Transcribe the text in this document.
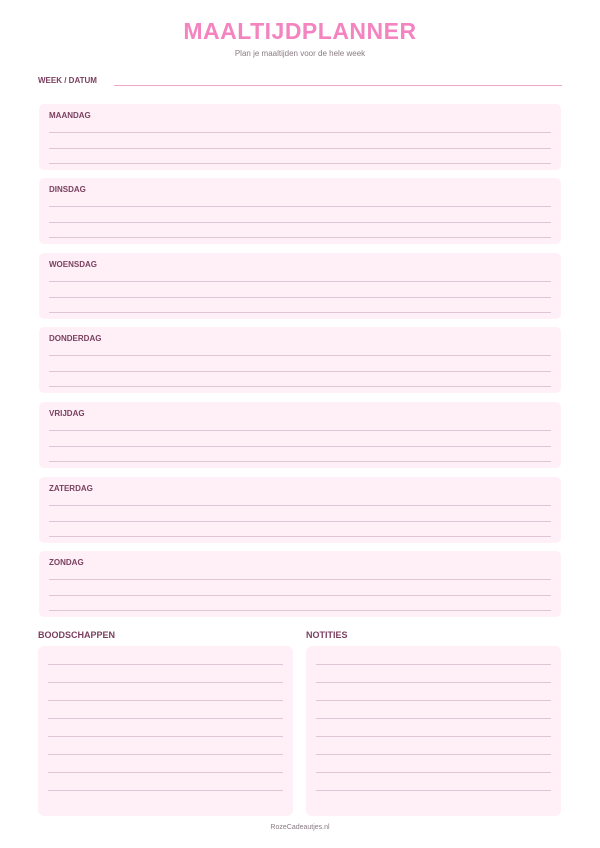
MAALTIJDPLANNER
Plan je maaltijden voor de hele week
WEEK / DATUM
MAANDAG
DINSDAG
WOENSDAG
DONDERDAG
VRIJDAG
ZATERDAG
ZONDAG
BOODSCHAPPEN	NOTITIES
RozeCadeautjes.nl
